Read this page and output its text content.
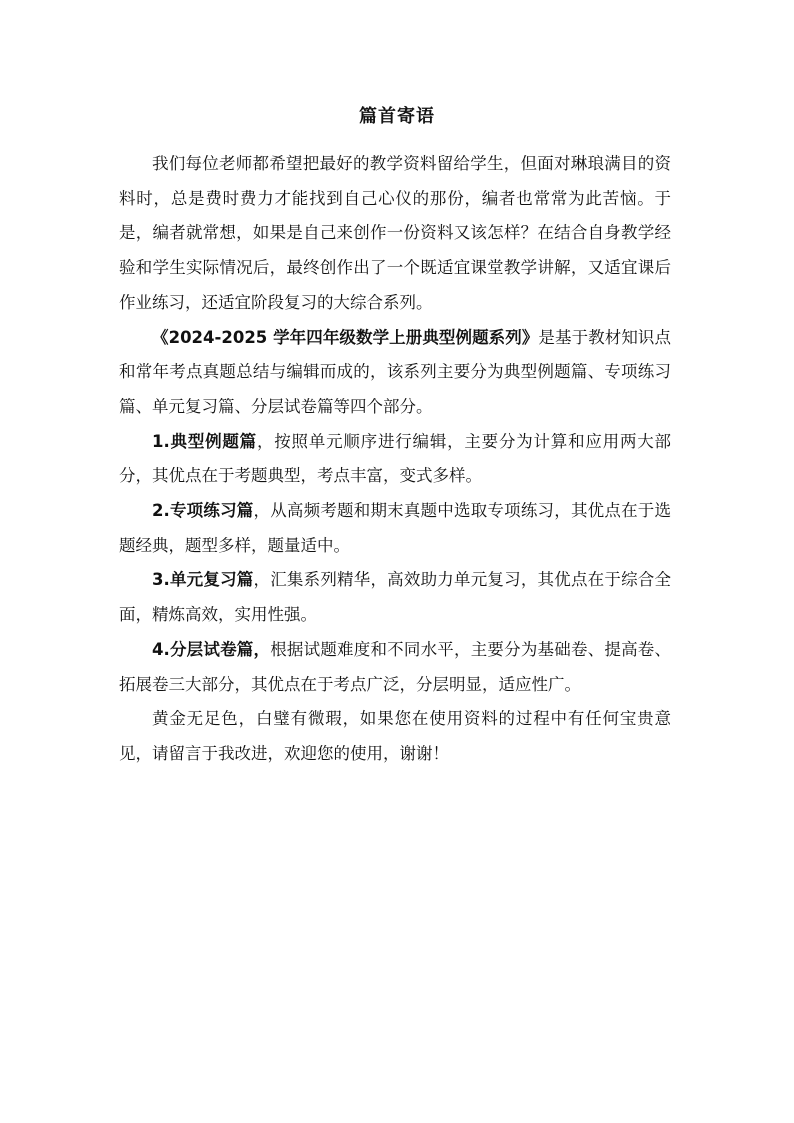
篇首寄语

我们每位老师都希望把最好的教学资料留给学生，但面对琳琅满目的资料时，总是费时费力才能找到自己心仪的那份，编者也常常为此苦恼。于是，编者就常想，如果是自己来创作一份资料又该怎样？在结合自身教学经验和学生实际情况后，最终创作出了一个既适宜课堂教学讲解，又适宜课后作业练习，还适宜阶段复习的大综合系列。

《2024-2025 学年四年级数学上册典型例题系列》是基于教材知识点和常年考点真题总结与编辑而成的，该系列主要分为典型例题篇、专项练习篇、单元复习篇、分层试卷篇等四个部分。

1.典型例题篇，按照单元顺序进行编辑，主要分为计算和应用两大部分，其优点在于考题典型，考点丰富，变式多样。

2.专项练习篇，从高频考题和期末真题中选取专项练习，其优点在于选题经典，题型多样，题量适中。

3.单元复习篇，汇集系列精华，高效助力单元复习，其优点在于综合全面，精炼高效，实用性强。

4.分层试卷篇，根据试题难度和不同水平，主要分为基础卷、提高卷、拓展卷三大部分，其优点在于考点广泛，分层明显，适应性广。

黄金无足色，白璧有微瑕，如果您在使用资料的过程中有任何宝贵意见，请留言于我改进，欢迎您的使用，谢谢！
